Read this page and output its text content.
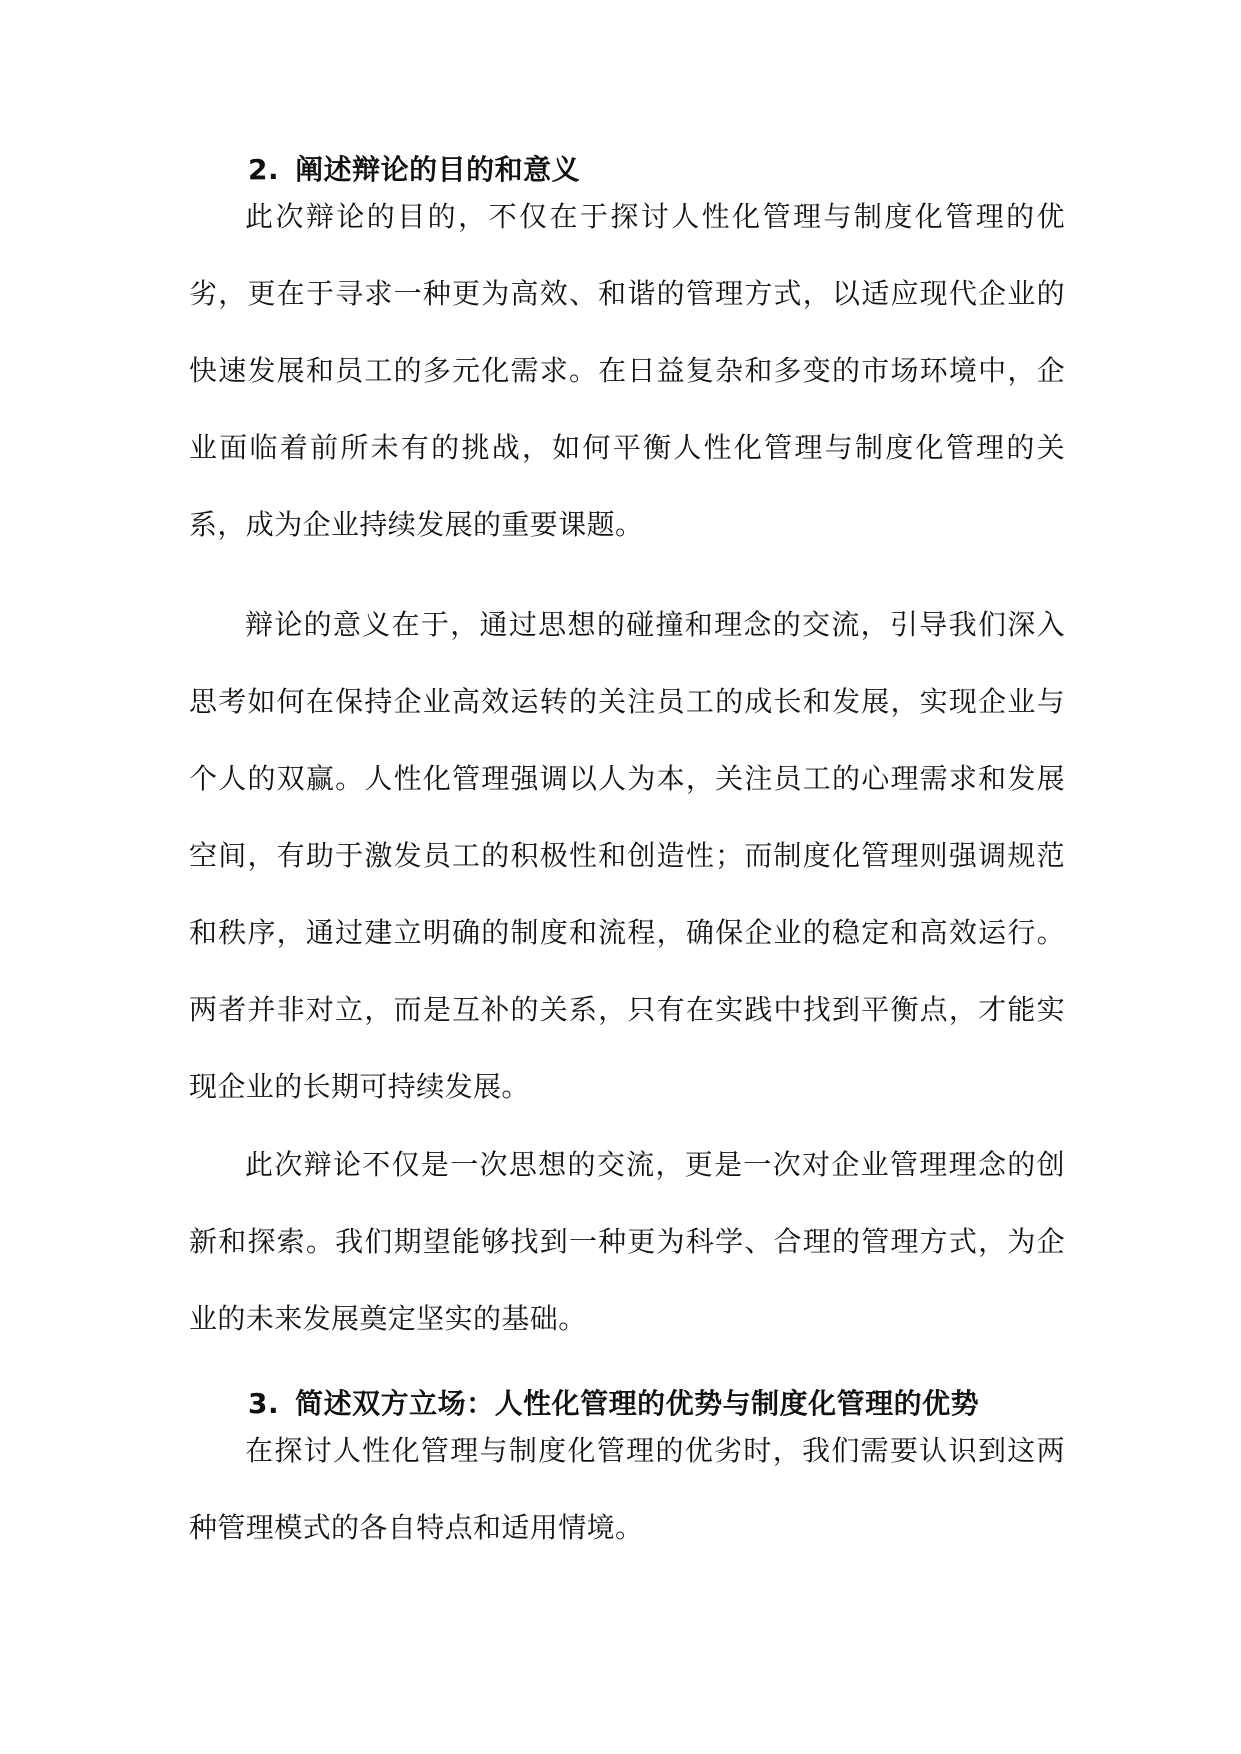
2. 阐述辩论的目的和意义

此次辩论的目的，不仅在于探讨人性化管理与制度化管理的优劣，更在于寻求一种更为高效、和谐的管理方式，以适应现代企业的快速发展和员工的多元化需求。在日益复杂和多变的市场环境中，企业面临着前所未有的挑战，如何平衡人性化管理与制度化管理的关系，成为企业持续发展的重要课题。

辩论的意义在于，通过思想的碰撞和理念的交流，引导我们深入思考如何在保持企业高效运转的关注员工的成长和发展，实现企业与个人的双赢。人性化管理强调以人为本，关注员工的心理需求和发展空间，有助于激发员工的积极性和创造性；而制度化管理则强调规范和秩序，通过建立明确的制度和流程，确保企业的稳定和高效运行。两者并非对立，而是互补的关系，只有在实践中找到平衡点，才能实现企业的长期可持续发展。

此次辩论不仅是一次思想的交流，更是一次对企业管理理念的创新和探索。我们期望能够找到一种更为科学、合理的管理方式，为企业的未来发展奠定坚实的基础。

3. 简述双方立场：人性化管理的优势与制度化管理的优势

在探讨人性化管理与制度化管理的优劣时，我们需要认识到这两种管理模式的各自特点和适用情境。
